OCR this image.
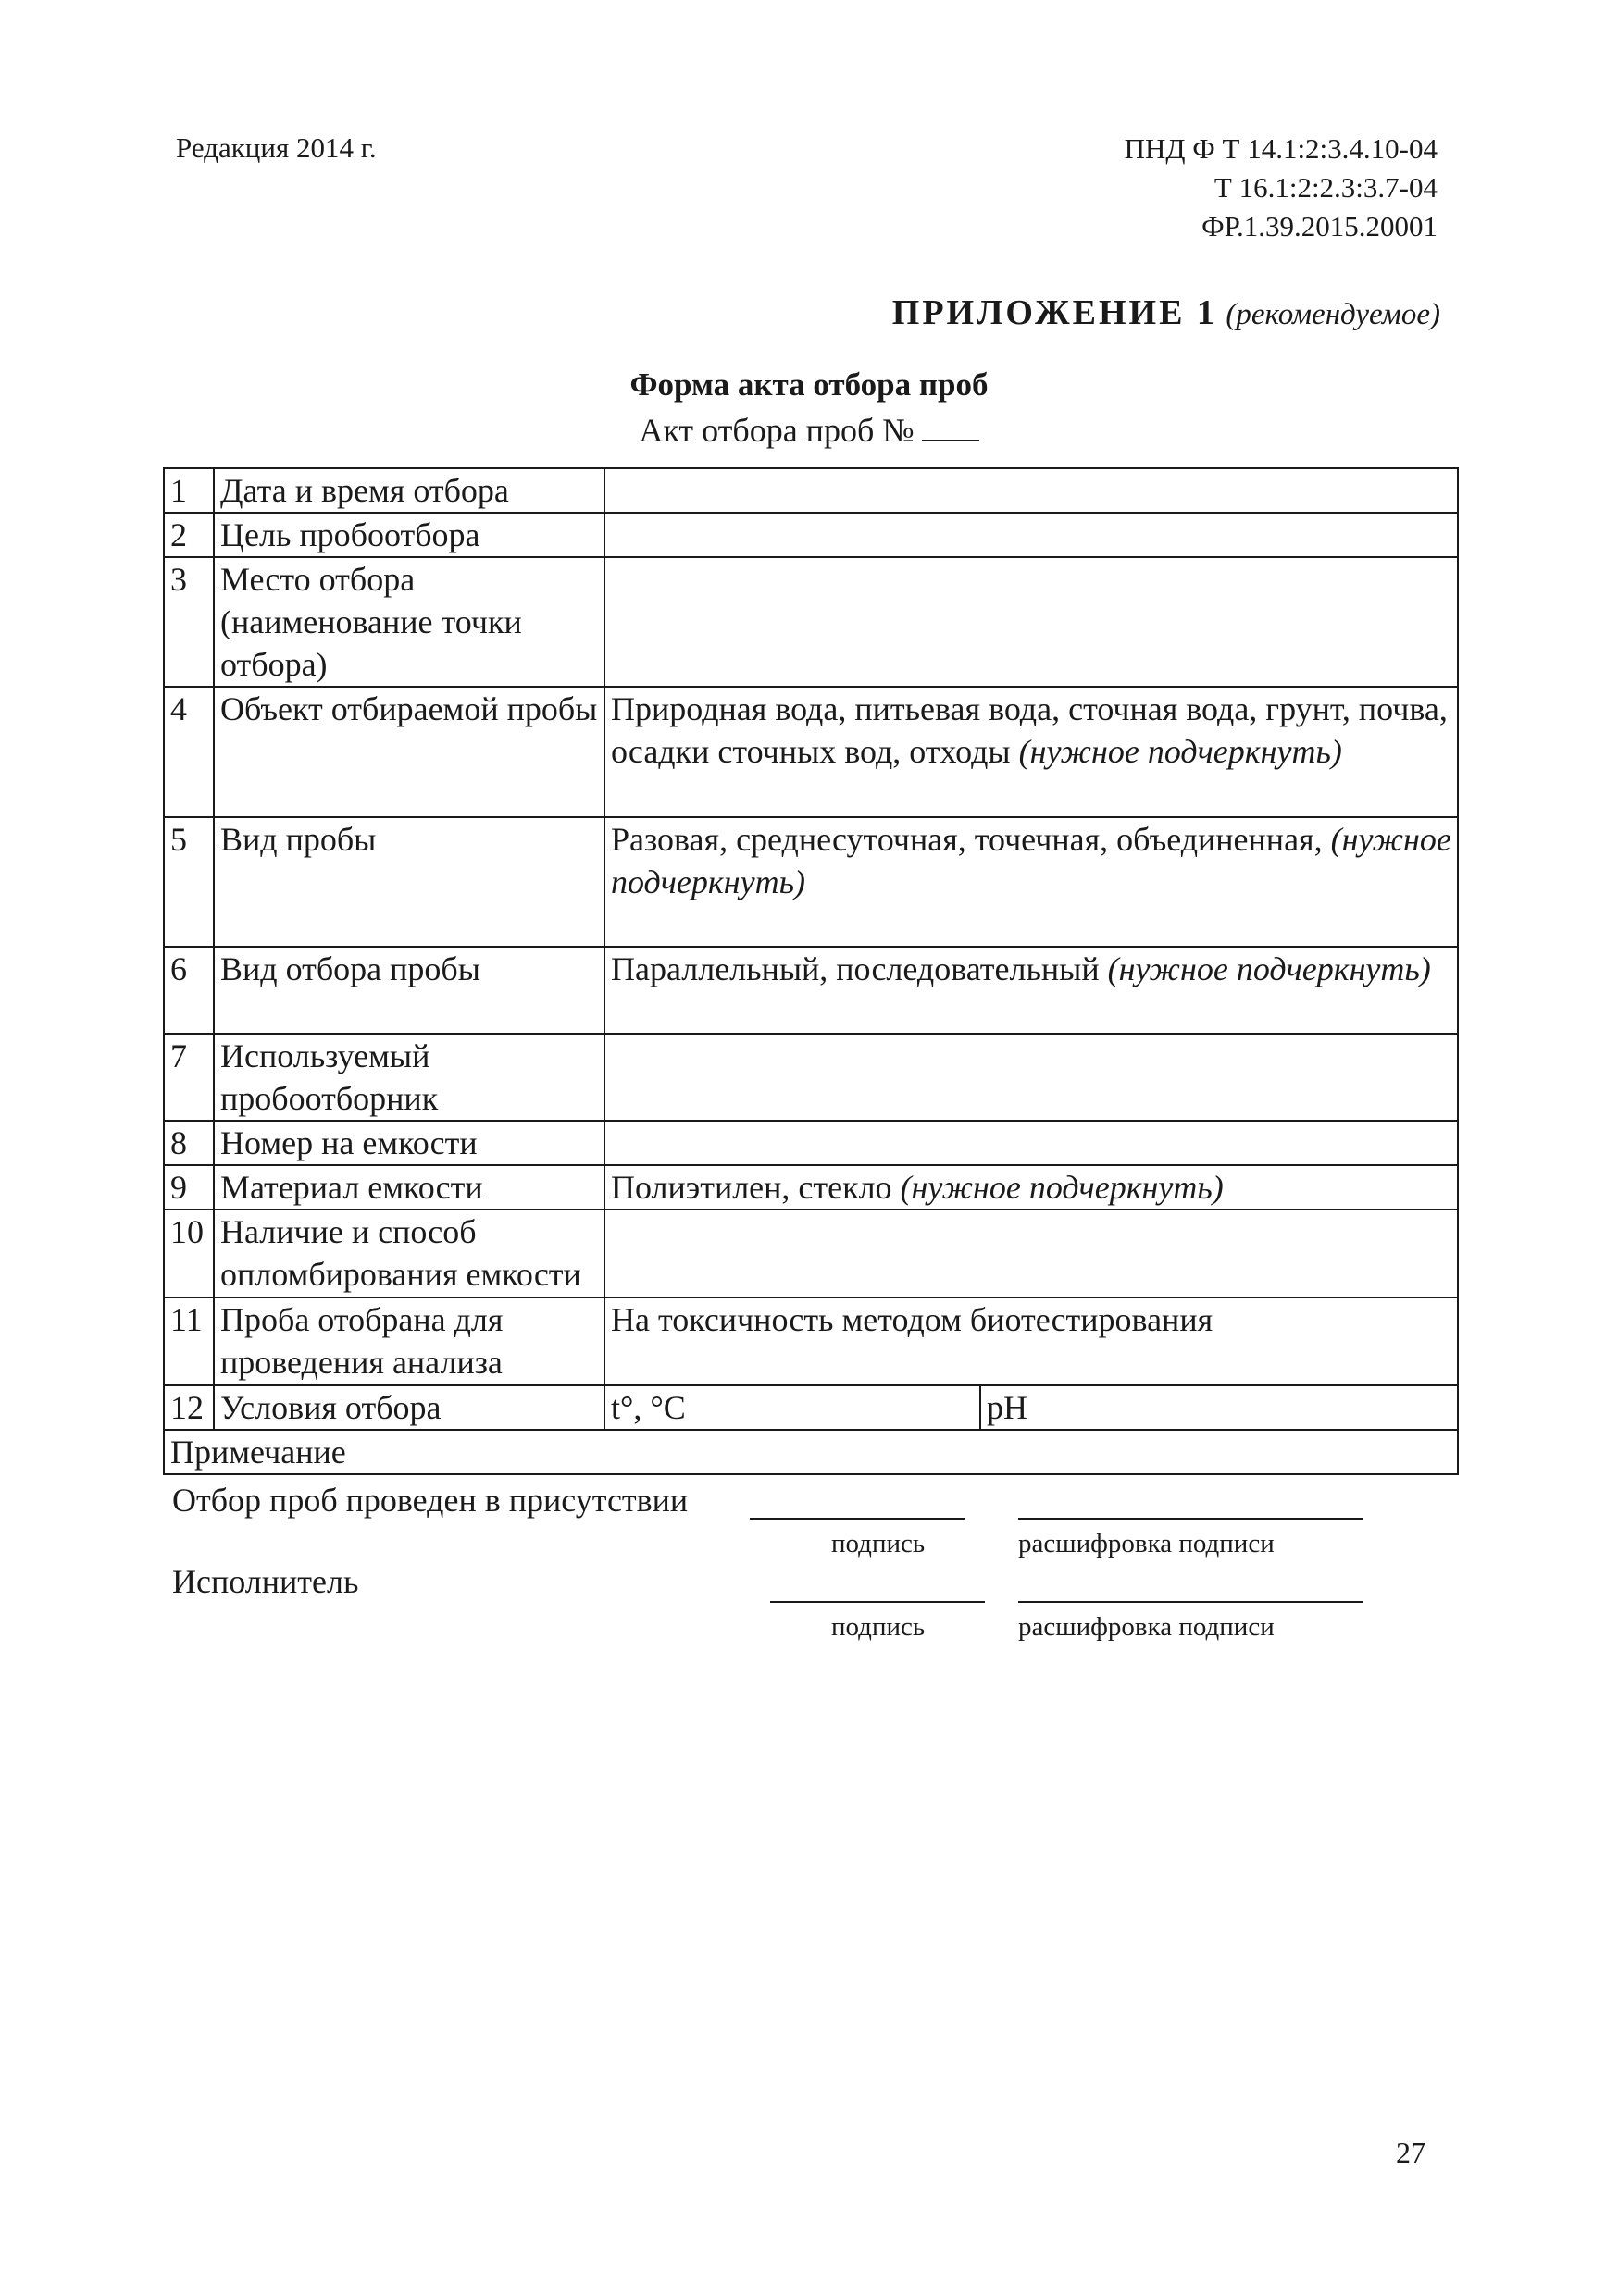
Редакция 2014 г.	ПНД Ф Т 14.1:2:3.4.10-04
Т 16.1:2:2.3:3.7-04
ФР.1.39.2015.20001
ПРИЛОЖЕНИЕ 1 (рекомендуемое)
Форма акта отбора проб
Акт отбора проб №
1	Дата и время отбора		
2	Цель пробоотбора		
3	Место отбора (наименование точки отбора)		
4	Объект отбираемой пробы	Природная вода, питьевая вода, сточная вода, грунт, почва, осадки сточных вод, отходы (нужное подчеркнуть)	
5	Вид пробы	Разовая, среднесуточная, точечная, объединенная, (нужное подчеркнуть)	
6	Вид отбора пробы	Параллельный, последовательный (нужное подчеркнуть)	
7	Используемый пробоотборник		
8	Номер на емкости		
9	Материал емкости	Полиэтилен, стекло (нужное подчеркнуть)	
10	Наличие и способ опломбирования емкости		
11	Проба отобрана для проведения анализа	На токсичность методом биотестирования	
12	Условия отбора	t°, °C	pH
Примечание			
Отбор проб проведен в присутствии
подпись	расшифровка подписи
Исполнитель
подпись	расшифровка подписи
27
